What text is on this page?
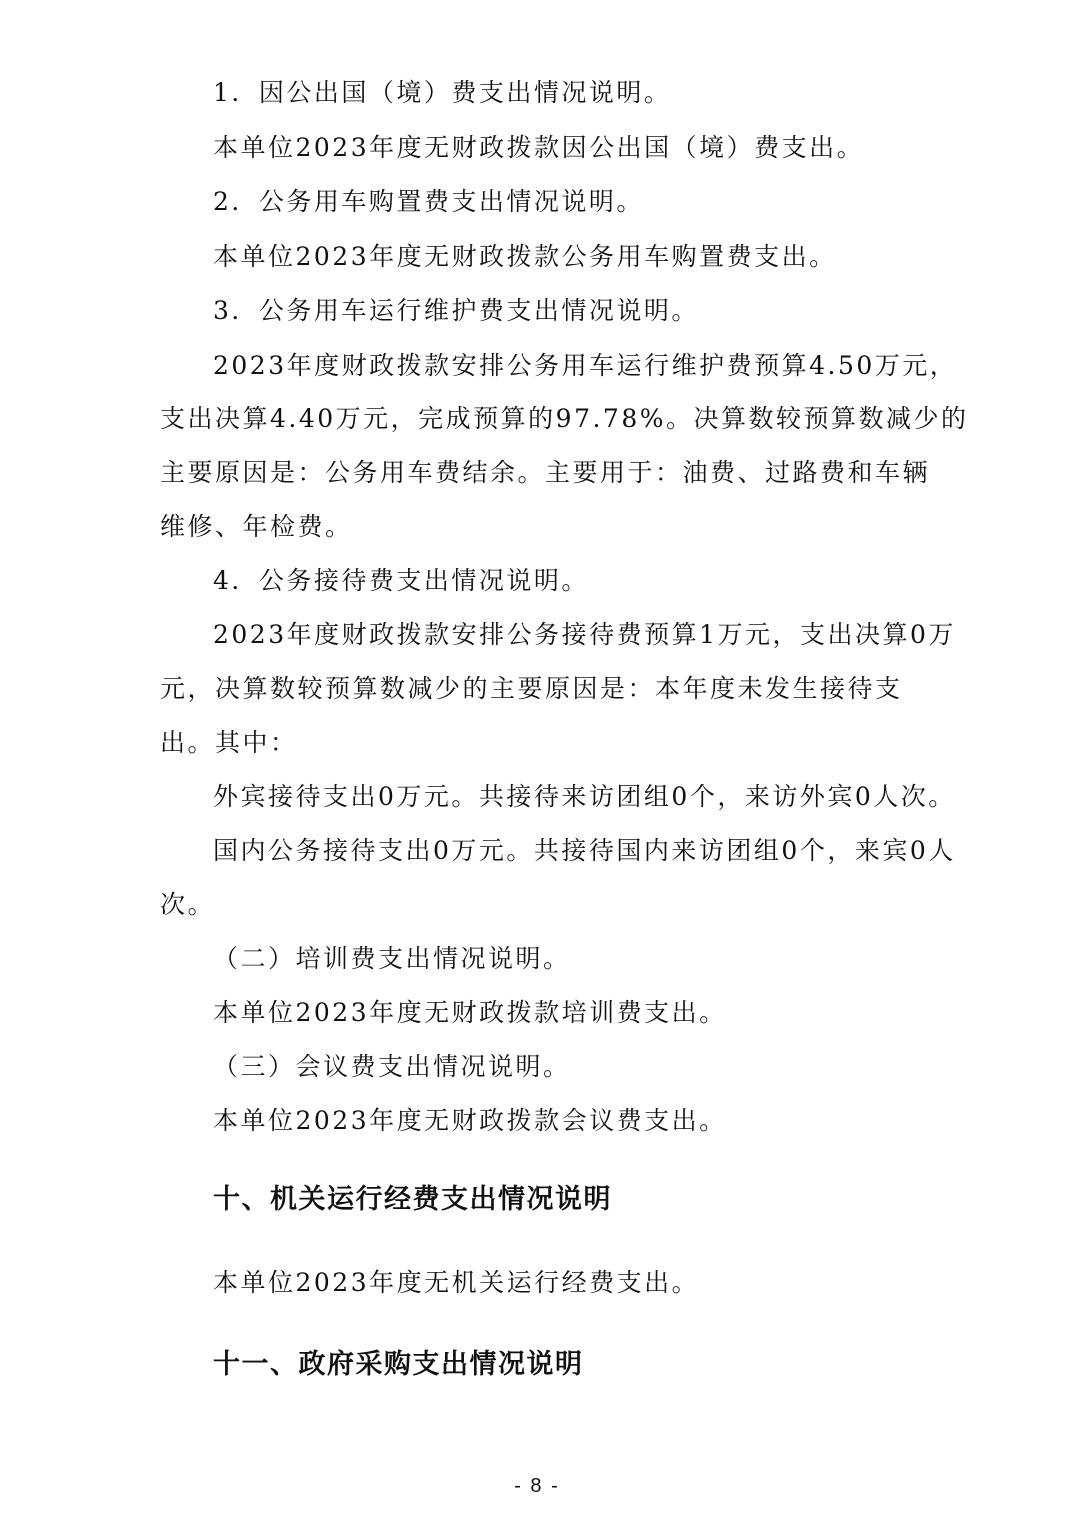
1．因公出国（境）费支出情况说明。
本单位2023年度无财政拨款因公出国（境）费支出。
2．公务用车购置费支出情况说明。
本单位2023年度无财政拨款公务用车购置费支出。
3．公务用车运行维护费支出情况说明。
2023年度财政拨款安排公务用车运行维护费预算4.50万元，
支出决算4.40万元，完成预算的97.78%。决算数较预算数减少的
主要原因是：公务用车费结余。主要用于：油费、过路费和车辆
维修、年检费。
4．公务接待费支出情况说明。
2023年度财政拨款安排公务接待费预算1万元，支出决算0万
元，决算数较预算数减少的主要原因是：本年度未发生接待支
出。其中：
外宾接待支出0万元。共接待来访团组0个，来访外宾0人次。
国内公务接待支出0万元。共接待国内来访团组0个，来宾0人
次。
（二）培训费支出情况说明。
本单位2023年度无财政拨款培训费支出。
（三）会议费支出情况说明。
本单位2023年度无财政拨款会议费支出。
十、机关运行经费支出情况说明
本单位2023年度无机关运行经费支出。
十一、政府采购支出情况说明
- 8 -
